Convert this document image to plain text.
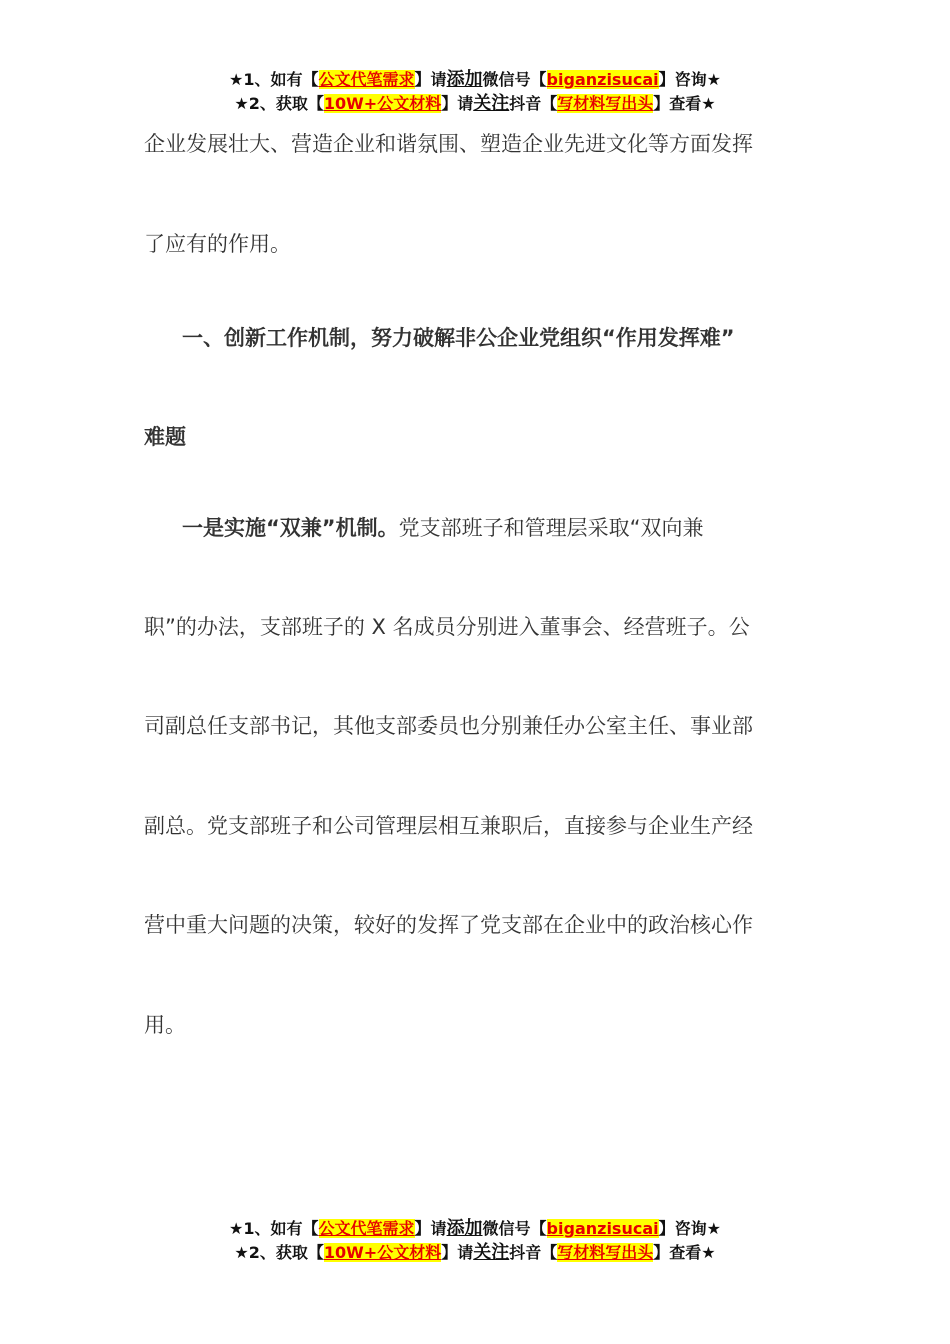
★1、如有【公文代笔需求】请添加微信号【biganzisucai】咨询★
★2、获取【10W+公文材料】请关注抖音【写材料写出头】查看★
企业发展壮大、营造企业和谐氛围、塑造企业先进文化等方面发挥
了应有的作用。
一、创新工作机制，努力破解非公企业党组织“作用发挥难”
难题
一是实施“双兼”机制。党支部班子和管理层采取“双向兼
职”的办法，支部班子的 X 名成员分别进入董事会、经营班子。公
司副总任支部书记，其他支部委员也分别兼任办公室主任、事业部
副总。党支部班子和公司管理层相互兼职后，直接参与企业生产经
营中重大问题的决策，较好的发挥了党支部在企业中的政治核心作
用。
★1、如有【公文代笔需求】请添加微信号【biganzisucai】咨询★
★2、获取【10W+公文材料】请关注抖音【写材料写出头】查看★
